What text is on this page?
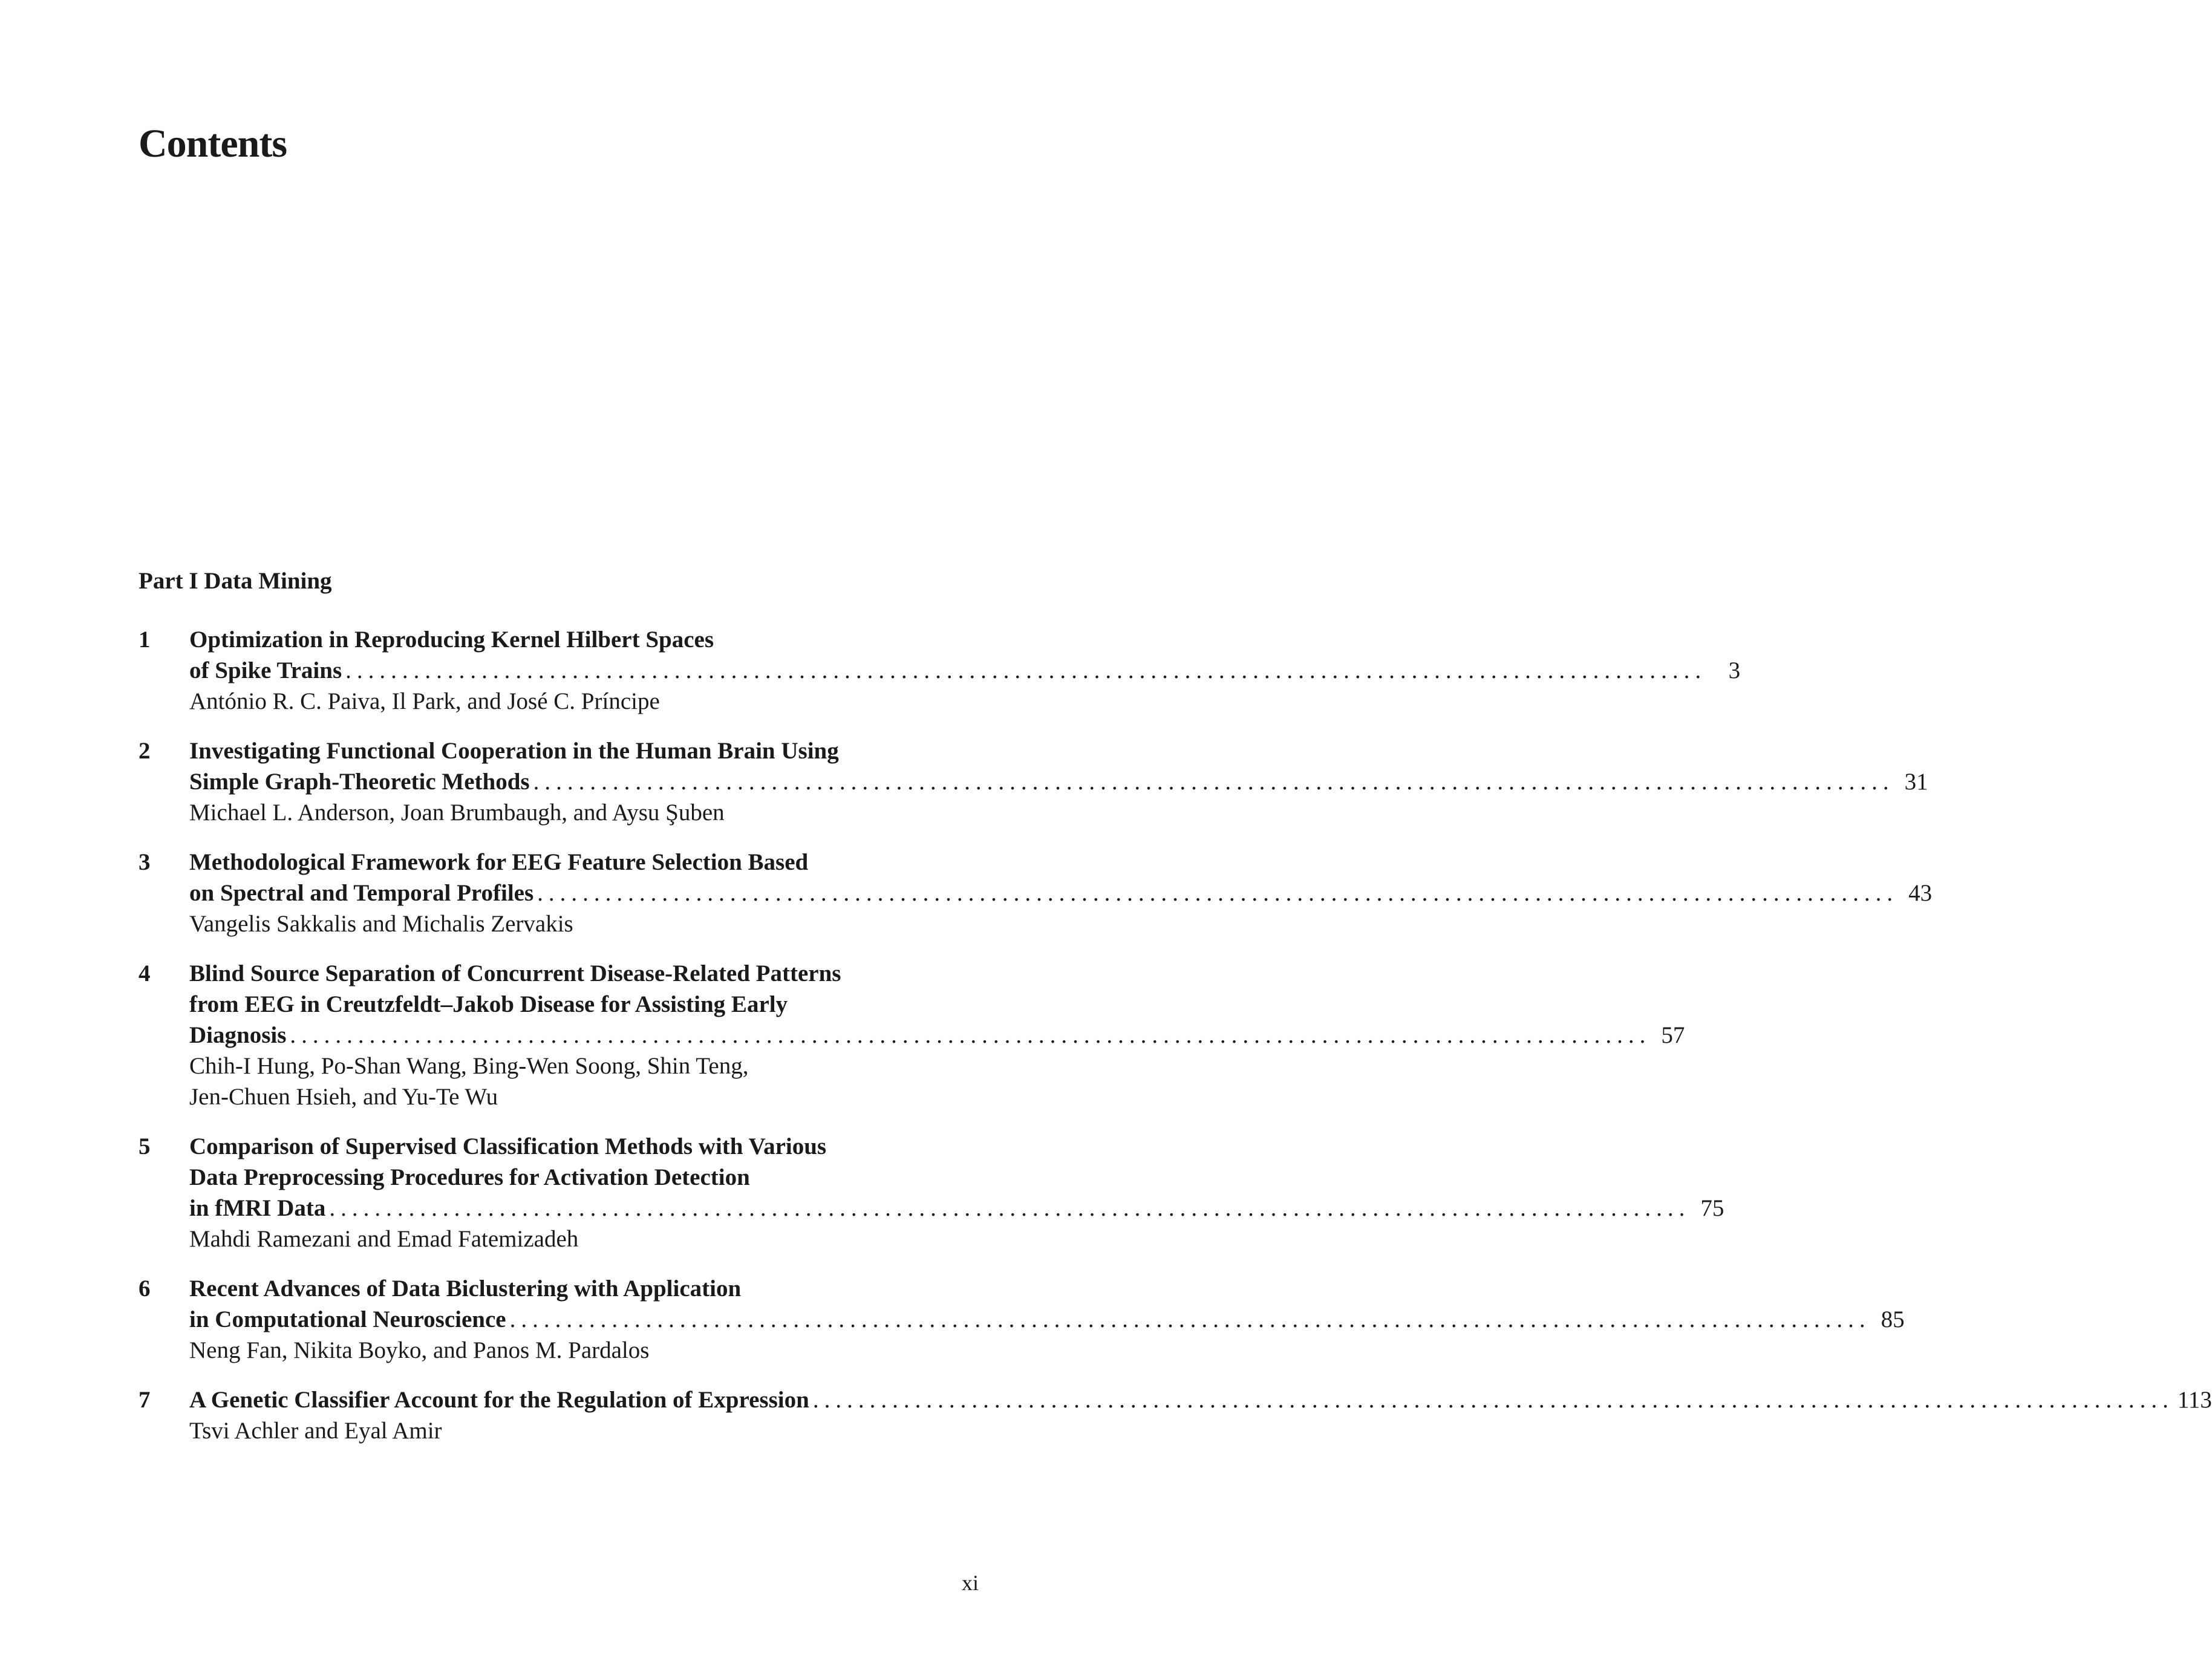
Contents
Part I Data Mining
1	Optimization in Reproducing Kernel Hilbert Spaces
of Spike Trains ........................................................................................................................ 3
António R. C. Paiva, Il Park, and José C. Príncipe
2	Investigating Functional Cooperation in the Human Brain Using
Simple Graph-Theoretic Methods ........................................................................................................................ 31
Michael L. Anderson, Joan Brumbaugh, and Aysu Şuben
3	Methodological Framework for EEG Feature Selection Based
on Spectral and Temporal Profiles ........................................................................................................................ 43
Vangelis Sakkalis and Michalis Zervakis
4	Blind Source Separation of Concurrent Disease-Related Patterns
from EEG in Creutzfeldt–Jakob Disease for Assisting Early
Diagnosis ........................................................................................................................ 57
Chih-I Hung, Po-Shan Wang, Bing-Wen Soong, Shin Teng,
Jen-Chuen Hsieh, and Yu-Te Wu
5	Comparison of Supervised Classification Methods with Various
Data Preprocessing Procedures for Activation Detection
in fMRI Data ........................................................................................................................ 75
Mahdi Ramezani and Emad Fatemizadeh
6	Recent Advances of Data Biclustering with Application
in Computational Neuroscience ........................................................................................................................ 85
Neng Fan, Nikita Boyko, and Panos M. Pardalos
7	A Genetic Classifier Account for the Regulation of Expression ........................................................................................................................ 113
Tsvi Achler and Eyal Amir
xi
